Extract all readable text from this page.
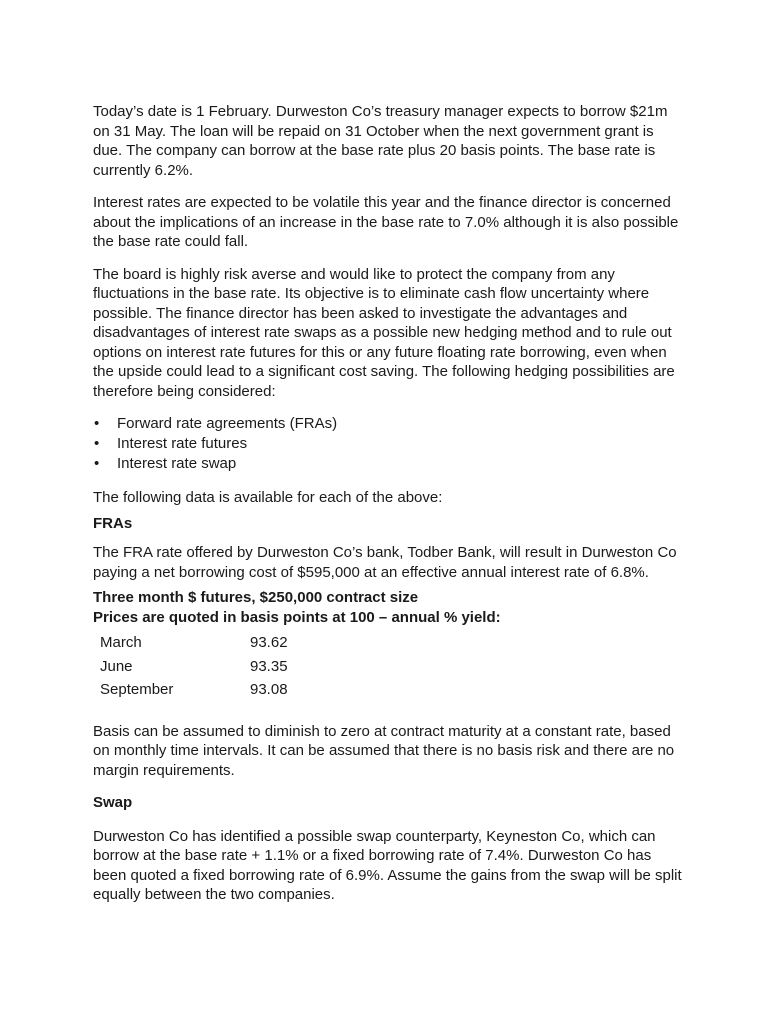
Today’s date is 1 February. Durweston Co’s treasury manager expects to borrow $21m on 31 May. The loan will be repaid on 31 October when the next government grant is due. The company can borrow at the base rate plus 20 basis points. The base rate is currently 6.2%.

Interest rates are expected to be volatile this year and the finance director is concerned about the implications of an increase in the base rate to 7.0% although it is also possible the base rate could fall.

The board is highly risk averse and would like to protect the company from any fluctuations in the base rate. Its objective is to eliminate cash flow uncertainty where possible. The finance director has been asked to investigate the advantages and disadvantages of interest rate swaps as a possible new hedging method and to rule out options on interest rate futures for this or any future floating rate borrowing, even when the upside could lead to a significant cost saving. The following hedging possibilities are therefore being considered:

• Forward rate agreements (FRAs)
• Interest rate futures
• Interest rate swap

The following data is available for each of the above:

FRAs

The FRA rate offered by Durweston Co’s bank, Todber Bank, will result in Durweston Co paying a net borrowing cost of $595,000 at an effective annual interest rate of 6.8%.

Three month $ futures, $250,000 contract size
Prices are quoted in basis points at 100 – annual % yield:
March	93.62
June	93.35
September	93.08

Basis can be assumed to diminish to zero at contract maturity at a constant rate, based on monthly time intervals. It can be assumed that there is no basis risk and there are no margin requirements.

Swap

Durweston Co has identified a possible swap counterparty, Keyneston Co, which can borrow at the base rate + 1.1% or a fixed borrowing rate of 7.4%. Durweston Co has been quoted a fixed borrowing rate of 6.9%. Assume the gains from the swap will be split equally between the two companies.
